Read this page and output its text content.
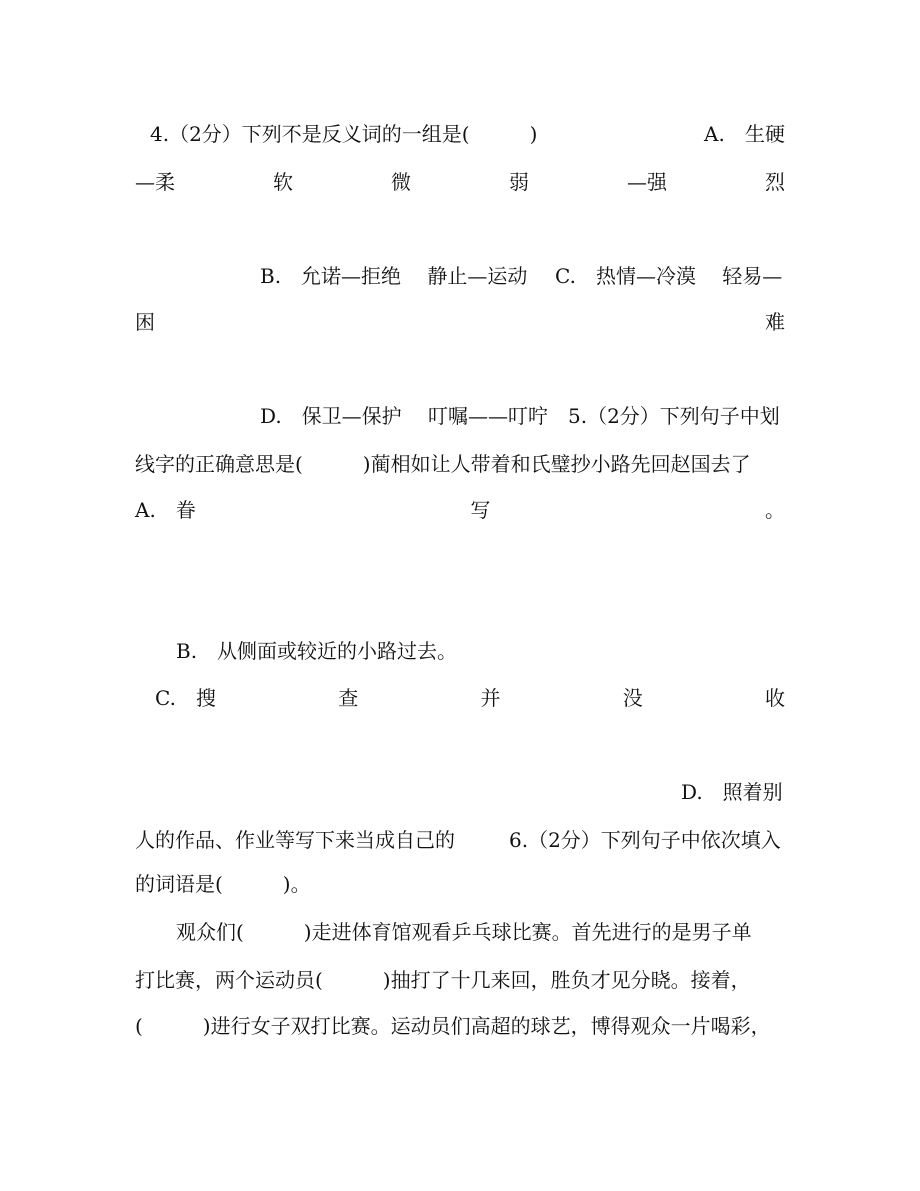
4.（2分）下列不是反义词的一组是(　　　)	A. 生硬
—柔	软	微	弱	—强	烈
B.　允诺—拒绝　 静止—运动 C.　热情—冷漠　 轻易—
困	难
D.　保卫—保护　 叮嘱——叮咛 5.（2分）下列句子中划
线字的正确意思是(　　　)蔺相如让人带着和氏璧抄小路先回赵国去了
A.　眷	写	。
B.　从侧面或较近的小路过去。
C.　搜	查	并	没	收
D.　照着别
人的作品、作业等写下来当成自己的	6.（2分）下列句子中依次填入
的词语是(　　　)。
观众们(　　　)走进体育馆观看乒乓球比赛。首先进行的是男子单
打比赛，两个运动员(　　　)抽打了十几来回，胜负才见分晓。接着，
(　　　)进行女子双打比赛。运动员们高超的球艺，博得观众一片喝彩，
